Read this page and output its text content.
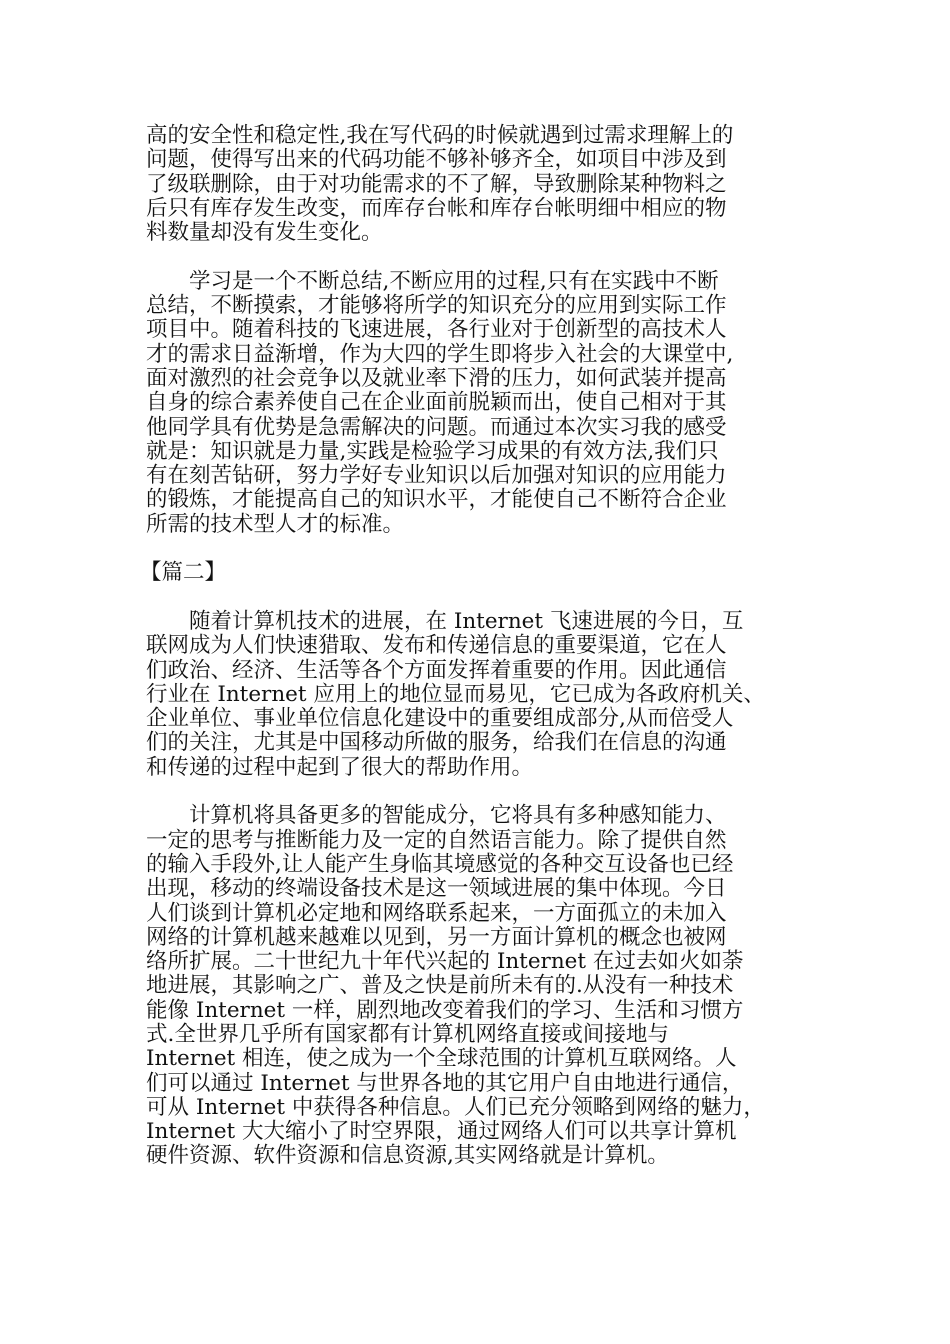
高的安全性和稳定性,我在写代码的时候就遇到过需求理解上的
问题，使得写出来的代码功能不够补够齐全，如项目中涉及到
了级联删除，由于对功能需求的不了解，导致删除某种物料之
后只有库存发生改变，而库存台帐和库存台帐明细中相应的物
料数量却没有发生变化。
学习是一个不断总结,不断应用的过程,只有在实践中不断
总结，不断摸索，才能够将所学的知识充分的应用到实际工作
项目中。随着科技的飞速进展，各行业对于创新型的高技术人
才的需求日益渐增，作为大四的学生即将步入社会的大课堂中,
面对激烈的社会竞争以及就业率下滑的压力，如何武装并提高
自身的综合素养使自己在企业面前脱颖而出，使自己相对于其
他同学具有优势是急需解决的问题。而通过本次实习我的感受
就是：知识就是力量,实践是检验学习成果的有效方法,我们只
有在刻苦钻研，努力学好专业知识以后加强对知识的应用能力
的锻炼，才能提高自己的知识水平，才能使自己不断符合企业
所需的技术型人才的标准。
【篇二】
随着计算机技术的进展，在 Internet 飞速进展的今日，互
联网成为人们快速猎取、发布和传递信息的重要渠道，它在人
们政治、经济、生活等各个方面发挥着重要的作用。因此通信
行业在 Internet 应用上的地位显而易见，它已成为各政府机关、
企业单位、事业单位信息化建设中的重要组成部分,从而倍受人
们的关注，尤其是中国移动所做的服务，给我们在信息的沟通
和传递的过程中起到了很大的帮助作用。
计算机将具备更多的智能成分，它将具有多种感知能力、
一定的思考与推断能力及一定的自然语言能力。除了提供自然
的输入手段外,让人能产生身临其境感觉的各种交互设备也已经
出现，移动的终端设备技术是这一领域进展的集中体现。今日
人们谈到计算机必定地和网络联系起来，一方面孤立的未加入
网络的计算机越来越难以见到，另一方面计算机的概念也被网
络所扩展。二十世纪九十年代兴起的 Internet 在过去如火如荼
地进展，其影响之广、普及之快是前所未有的.从没有一种技术
能像 Internet 一样，剧烈地改变着我们的学习、生活和习惯方
式.全世界几乎所有国家都有计算机网络直接或间接地与
Internet 相连，使之成为一个全球范围的计算机互联网络。人
们可以通过 Internet 与世界各地的其它用户自由地进行通信，
可从 Internet 中获得各种信息。人们已充分领略到网络的魅力，
Internet 大大缩小了时空界限，通过网络人们可以共享计算机
硬件资源、软件资源和信息资源,其实网络就是计算机。
